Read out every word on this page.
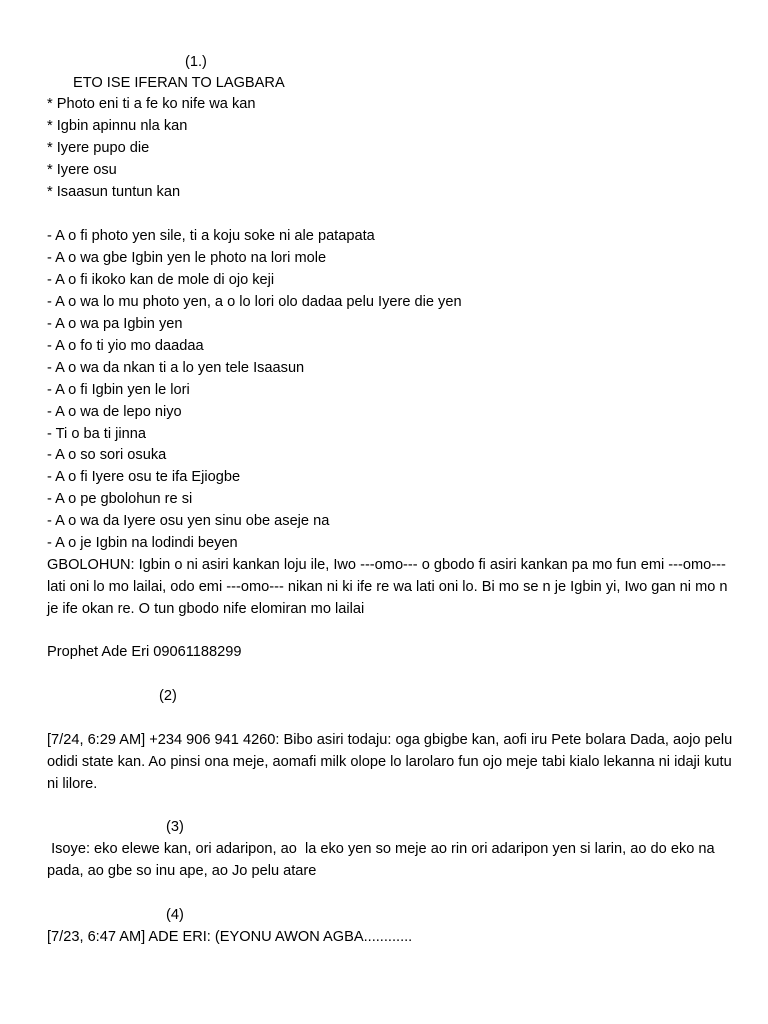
(1.)
ETO ISE IFERAN TO LAGBARA
* Photo eni ti a fe ko nife wa kan
* Igbin apinnu nla kan
* Iyere pupo die
* Iyere osu
* Isaasun tuntun kan
- A o fi photo yen sile, ti a koju soke ni ale patapata
- A o wa gbe Igbin yen le photo na lori mole
- A o fi ikoko kan de mole di ojo keji
- A o wa lo mu photo yen, a o lo lori olo dadaa pelu Iyere die yen
- A o wa pa Igbin yen
- A o fo ti yio mo daadaa
- A o wa da nkan ti a lo yen tele Isaasun
- A o fi Igbin yen le lori
- A o wa de lepo niyo
- Ti o ba ti jinna
- A o so sori osuka
- A o fi Iyere osu te ifa Ejiogbe
- A o pe gbolohun re si
- A o wa da Iyere osu yen sinu obe aseje na
- A o je Igbin na lodindi beyen
GBOLOHUN: Igbin o ni asiri kankan loju ile, Iwo ---omo--- o gbodo fi asiri kankan pa mo fun emi ---omo--- lati oni lo mo lailai, odo emi ---omo--- nikan ni ki ife re wa lati oni lo. Bi mo se n je Igbin yi, Iwo gan ni mo n je ife okan re. O tun gbodo nife elomiran mo lailai
Prophet Ade Eri 09061188299
(2)
[7/24, 6:29 AM] +234 906 941 4260: Bibo asiri todaju: oga gbigbe kan, aofi iru Pete bolara Dada, aojo pelu odidi state kan. Ao pinsi ona meje, aomafi milk olope lo larolaro fun ojo meje tabi kialo lekanna ni idaji kutu ni lilore.
(3)
Isoye: eko elewe kan, ori adaripon, ao  la eko yen so meje ao rin ori adaripon yen si larin, ao do eko na pada, ao gbe so inu ape, ao Jo pelu atare
(4)
[7/23, 6:47 AM] ADE ERI: (EYONU AWON AGBA............
